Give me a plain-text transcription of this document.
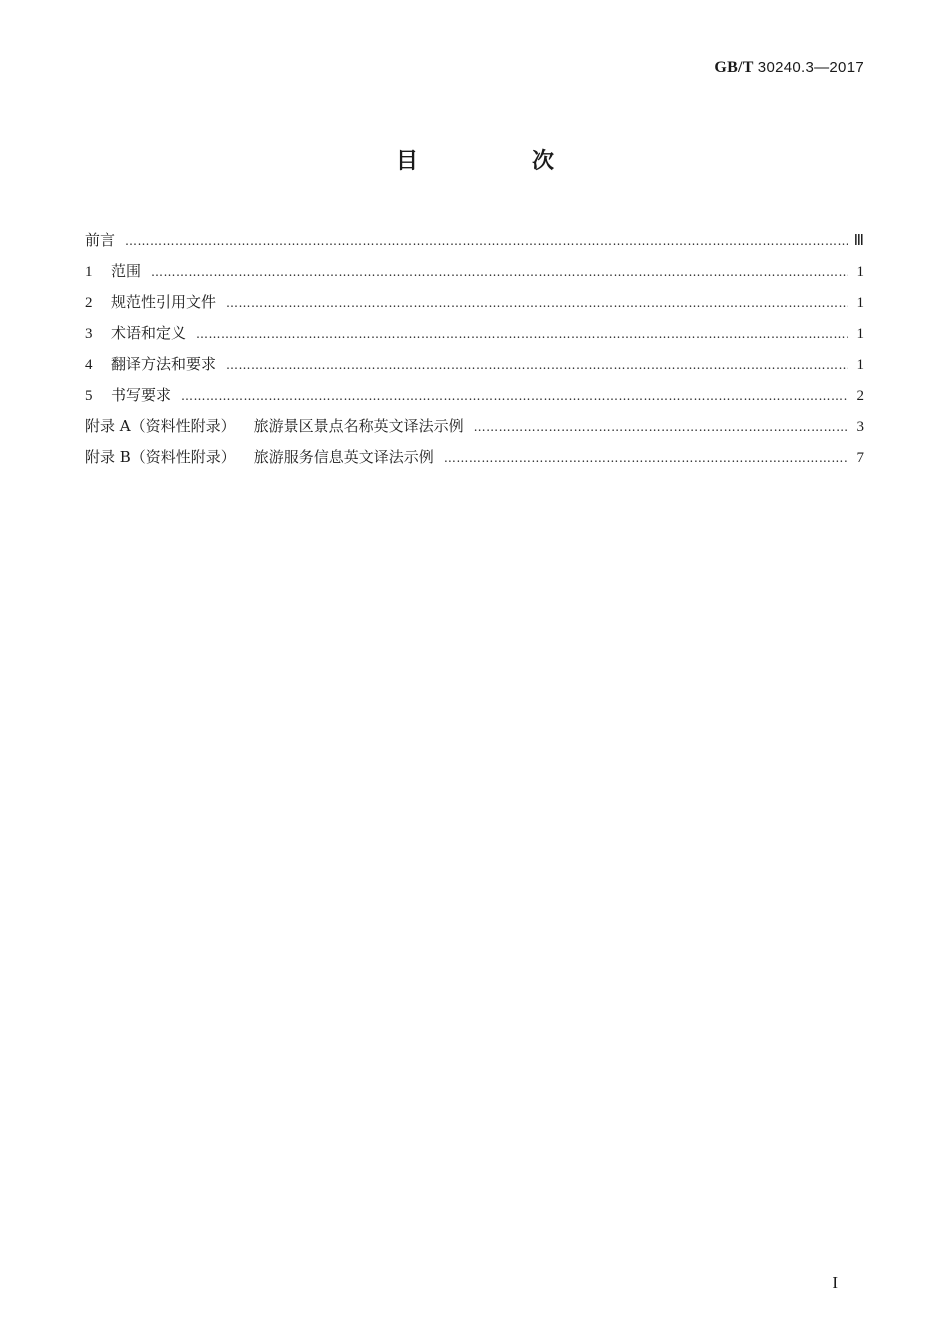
GB/T 30240.3—2017
目　次
前言 …………………………………………………………………………………………………………………………………………………………………………………………………………………………	Ⅲ
1	范围 …………………………………………………………………………………………………………………………………………………………………………………………………………………………	1
2	规范性引用文件 …………………………………………………………………………………………………………………………………………………………………………………………………………………………	1
3	术语和定义 …………………………………………………………………………………………………………………………………………………………………………………………………………………………	1
4	翻译方法和要求 …………………………………………………………………………………………………………………………………………………………………………………………………………………………	1
5	书写要求 …………………………………………………………………………………………………………………………………………………………………………………………………………………………	2
附录 A（资料性附录） 旅游景区景点名称英文译法示例 …………………………………………………………………………………………………………………………………………………………………………………………………………………………	3
附录 B（资料性附录） 旅游服务信息英文译法示例 …………………………………………………………………………………………………………………………………………………………………………………………………………………………	7
I
